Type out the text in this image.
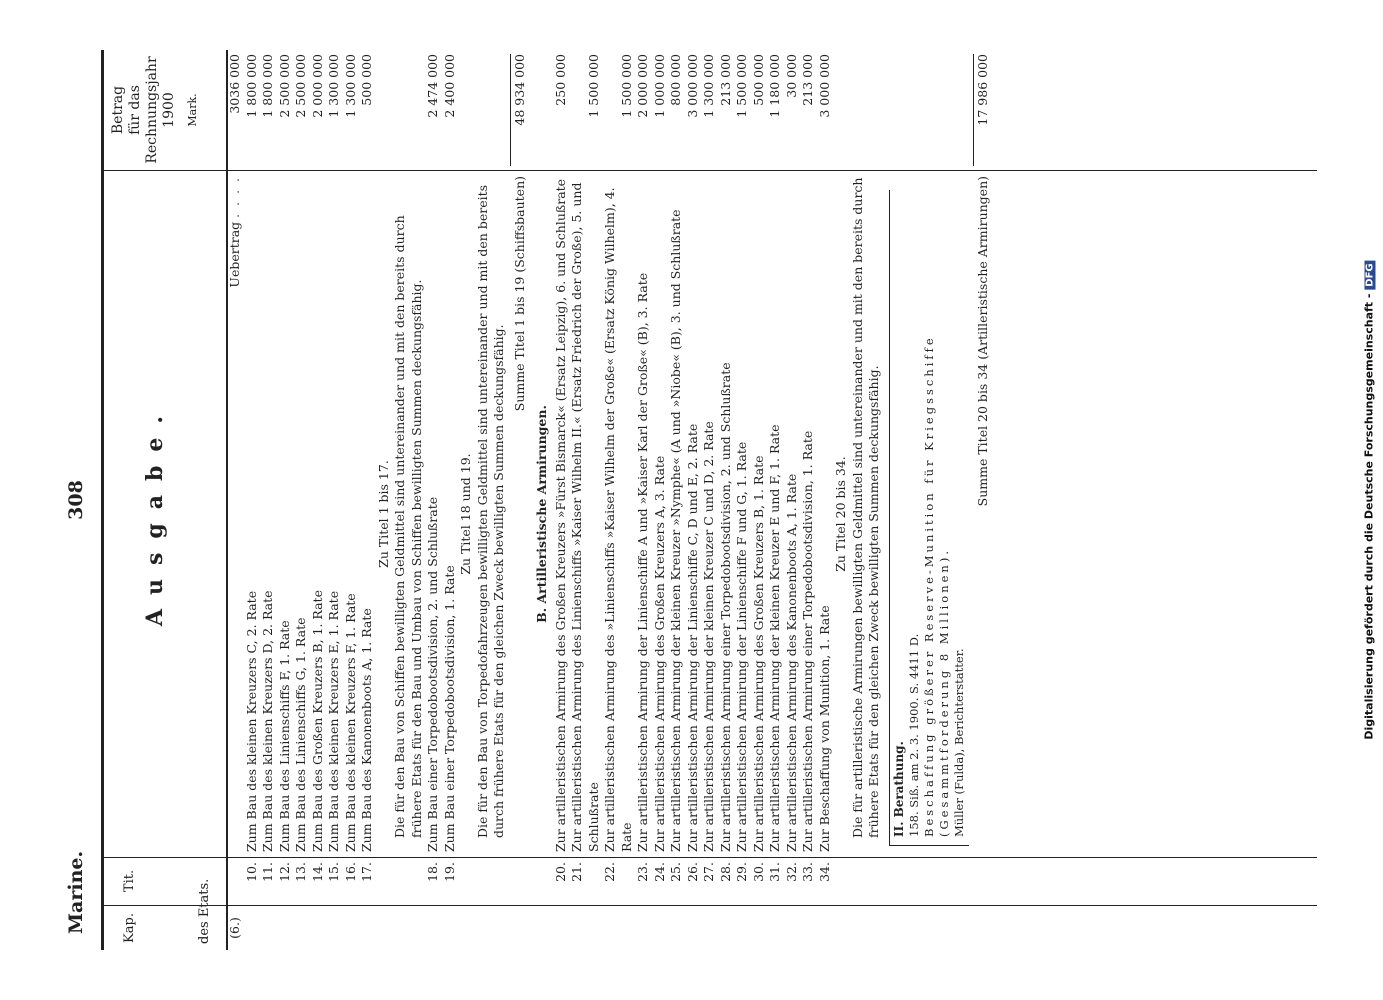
Marine.
308
Kap.
Tit.	des Etats.
Ausgabe.
Betrag
für das
Rechnungsjahr
1900 Mark.
(6.)
Uebertrag . . . .
3036 000
10.
Zum Bau des kleinen Kreuzers C, 2. Rate
1 800 000
11.
Zum Bau des kleinen Kreuzers D, 2. Rate
1 800 000
12.
Zum Bau des Linienschiffs F, 1. Rate
2 500 000
13.
Zum Bau des Linienschiffs G, 1. Rate
2 500 000
14.
Zum Bau des Großen Kreuzers B, 1. Rate
2 000 000
15.
Zum Bau des kleinen Kreuzers E, 1. Rate
1 300 000
16.
Zum Bau des kleinen Kreuzers F, 1. Rate
1 300 000
17.
Zum Bau des Kanonenboots A, 1. Rate
500 000
Zu Titel 1 bis 17. Die für den Bau von Schiffen bewilligten Geldmittel sind untereinander und mit den bereits durch frühere Etats für den Bau und Umbau von Schiffen bewilligten Summen deckungsfähig.
18.
Zum Bau einer Torpedobootsdivision, 2. und Schlußrate
2 474 000
19.
Zum Bau einer Torpedobootsdivision, 1. Rate
2 400 000
Zu Titel 18 und 19. Die für den Bau von Torpedofahrzeugen bewilligten Geldmittel sind untereinander und mit den bereits durch frühere Etats für den gleichen Zweck bewilligten Summen deckungsfähig.
Summe Titel 1 bis 19 (Schiffsbauten)
48 934 000
B. Artilleristische Armirungen.
20.
Zur artilleristischen Armirung des Großen Kreuzers »Fürst Bismarck« (Ersatz Leipzig), 6. und Schlußrate
250 000
21.
Zur artilleristischen Armirung des Linienschiffs »Kaiser Wilhelm II.« (Ersatz Friedrich der Große), 5. und Schlußrate
1 500 000
22.
Zur artilleristischen Armirung des »Linienschiffs »Kaiser Wilhelm der Große« (Ersatz König Wilhelm), 4. Rate
1 500 000
23.
Zur artilleristischen Armirung der Linienschiffe A und »Kaiser Karl der Große« (B), 3. Rate
2 000 000
24.
Zur artilleristischen Armirung des Großen Kreuzers A, 3. Rate
1 000 000
25.
Zur artilleristischen Armirung der kleinen Kreuzer »Nymphe« (A und »Niobe« (B), 3. und Schlußrate
800 000
26.
Zur artilleristischen Armirung der Linienschiffe C, D und E, 2. Rate
3 000 000
27.
Zur artilleristischen Armirung der kleinen Kreuzer C und D, 2. Rate
1 300 000
28.
Zur artilleristischen Armirung einer Torpedobootsdivision, 2. und Schlußrate
213 000
29.
Zur artilleristischen Armirung der Linienschiffe F und G, 1. Rate
1 500 000
30.
Zur artilleristischen Armirung des Großen Kreuzers B, 1. Rate
500 000
31.
Zur artilleristischen Armirung der kleinen Kreuzer E und F, 1. Rate
1 180 000
32.
Zur artilleristischen Armirung des Kanonenboots A, 1. Rate
30 000
33.
Zur artilleristischen Armirung einer Torpedobootsdivision, 1. Rate
213 000
34.
Zur Beschaffung von Munition, 1. Rate
3 000 000
Zu Titel 20 bis 34. Die für artilleristische Armirungen bewilligten Geldmittel sind untereinander und mit den bereits durch frühere Etats für den gleichen Zweck bewilligten Summen deckungsfähig. II. Berathung.
158. Siß. am 2. 3. 1900. S. 4411 D.
Beschaffung größerer Reserve-Munition für Kriegsschiffe (Gesammtforderung 8 Millionen).
Müller (Fulda), Berichterstatter.
Summe Titel 20 bis 34 (Artilleristische Armirungen)
17 986 000
Digitalisierung gefördert durch die Deutsche Forschungsgemeinschaft - DFG
